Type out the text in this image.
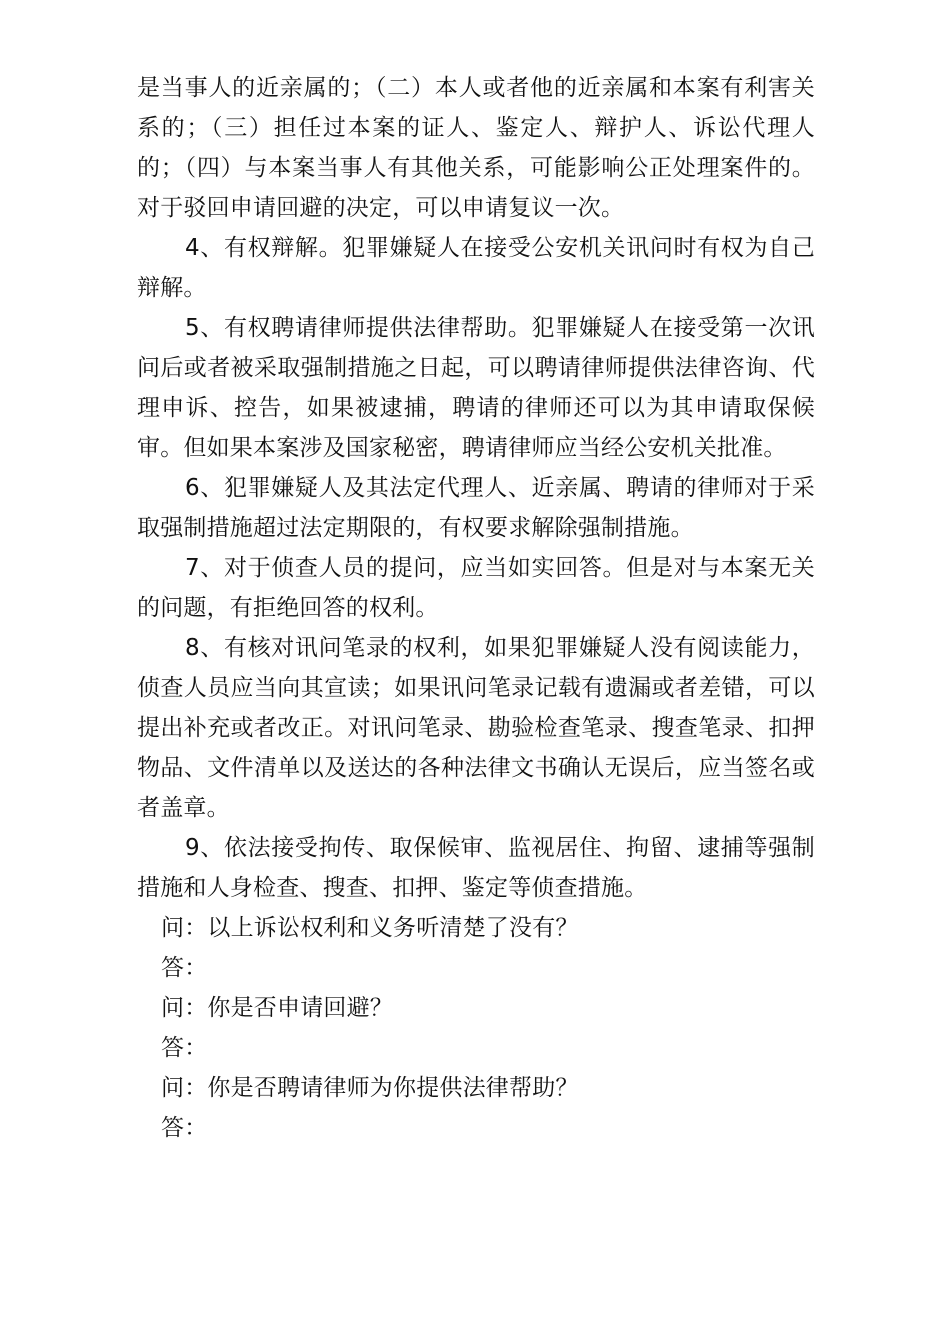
是当事人的近亲属的；（二）本人或者他的近亲属和本案有利害关系的；（三）担任过本案的证人、鉴定人、辩护人、诉讼代理人的；（四）与本案当事人有其他关系，可能影响公正处理案件的。对于驳回申请回避的决定，可以申请复议一次。

4、有权辩解。犯罪嫌疑人在接受公安机关讯问时有权为自己辩解。

5、有权聘请律师提供法律帮助。犯罪嫌疑人在接受第一次讯问后或者被采取强制措施之日起，可以聘请律师提供法律咨询、代理申诉、控告，如果被逮捕，聘请的律师还可以为其申请取保候审。但如果本案涉及国家秘密，聘请律师应当经公安机关批准。

6、犯罪嫌疑人及其法定代理人、近亲属、聘请的律师对于采取强制措施超过法定期限的，有权要求解除强制措施。

7、对于侦查人员的提问，应当如实回答。但是对与本案无关的问题，有拒绝回答的权利。

8、有核对讯问笔录的权利，如果犯罪嫌疑人没有阅读能力，侦查人员应当向其宣读；如果讯问笔录记载有遗漏或者差错，可以提出补充或者改正。对讯问笔录、勘验检查笔录、搜查笔录、扣押物品、文件清单以及送达的各种法律文书确认无误后，应当签名或者盖章。

9、依法接受拘传、取保候审、监视居住、拘留、逮捕等强制措施和人身检查、搜查、扣押、鉴定等侦查措施。

问：以上诉讼权利和义务听清楚了没有？

答：

问：你是否申请回避？

答：

问：你是否聘请律师为你提供法律帮助？

答：
